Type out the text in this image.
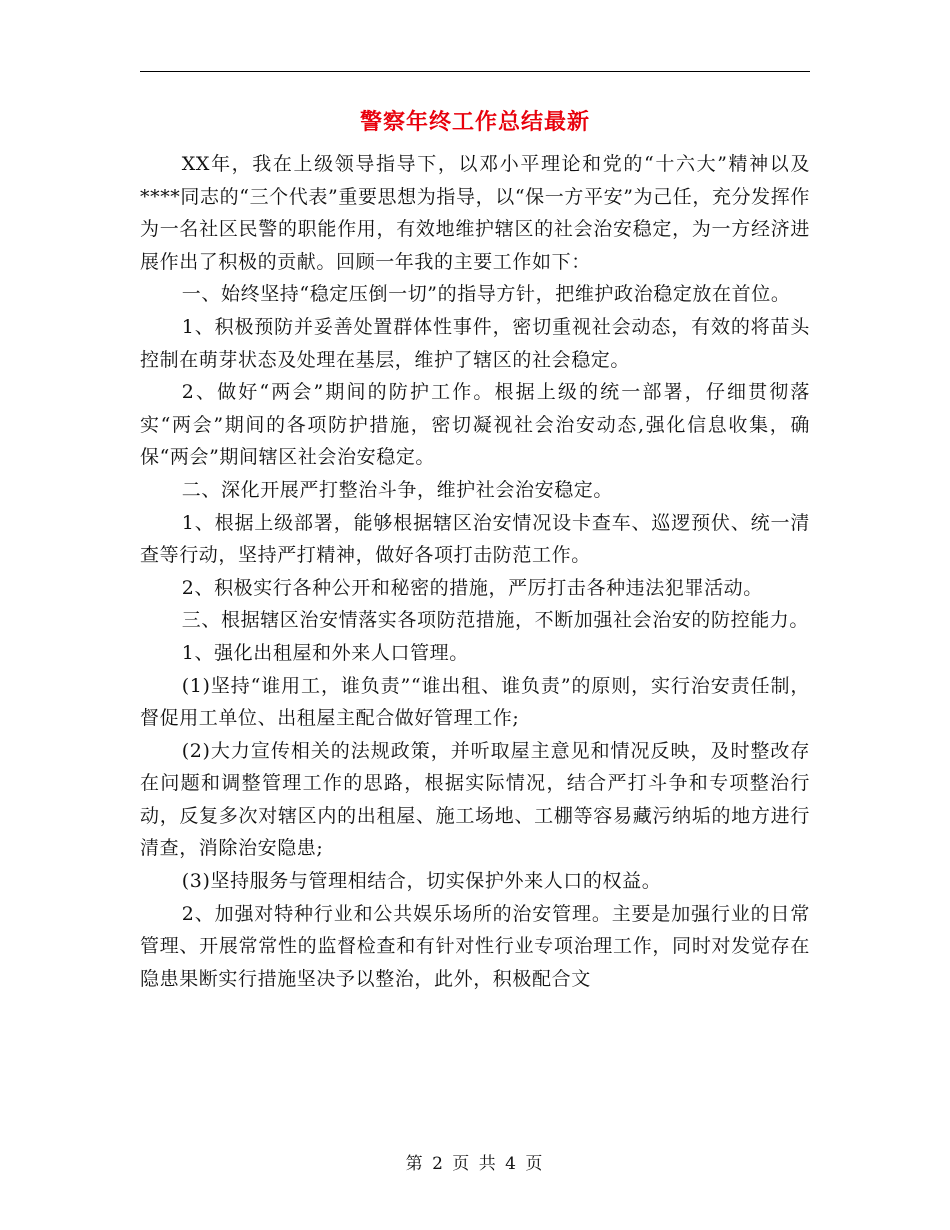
警察年终工作总结最新

XX年，我在上级领导指导下，以邓小平理论和党的“十六大”精神以及****同志的“三个代表”重要思想为指导，以“保一方平安”为己任，充分发挥作为一名社区民警的职能作用，有效地维护辖区的社会治安稳定，为一方经济进展作出了积极的贡献。回顾一年我的主要工作如下：

一、始终坚持“稳定压倒一切”的指导方针，把维护政治稳定放在首位。

1、积极预防并妥善处置群体性事件，密切重视社会动态，有效的将苗头控制在萌芽状态及处理在基层，维护了辖区的社会稳定。

2、做好“两会”期间的防护工作。根据上级的统一部署，仔细贯彻落实“两会”期间的各项防护措施，密切凝视社会治安动态,强化信息收集，确保“两会”期间辖区社会治安稳定。

二、深化开展严打整治斗争，维护社会治安稳定。

1、根据上级部署，能够根据辖区治安情况设卡查车、巡逻预伏、统一清查等行动，坚持严打精神，做好各项打击防范工作。

2、积极实行各种公开和秘密的措施，严厉打击各种违法犯罪活动。

三、根据辖区治安情落实各项防范措施，不断加强社会治安的防控能力。

1、强化出租屋和外来人口管理。

(1)坚持“谁用工，谁负责”“谁出租、谁负责”的原则，实行治安责任制，督促用工单位、出租屋主配合做好管理工作;

(2)大力宣传相关的法规政策，并听取屋主意见和情况反映，及时整改存在问题和调整管理工作的思路，根据实际情况，结合严打斗争和专项整治行动，反复多次对辖区内的出租屋、施工场地、工棚等容易藏污纳垢的地方进行清查，消除治安隐患;

(3)坚持服务与管理相结合，切实保护外来人口的权益。

2、加强对特种行业和公共娱乐场所的治安管理。主要是加强行业的日常管理、开展常常性的监督检查和有针对性行业专项治理工作，同时对发觉存在隐患果断实行措施坚决予以整治，此外，积极配合文

第 2 页 共 4 页
